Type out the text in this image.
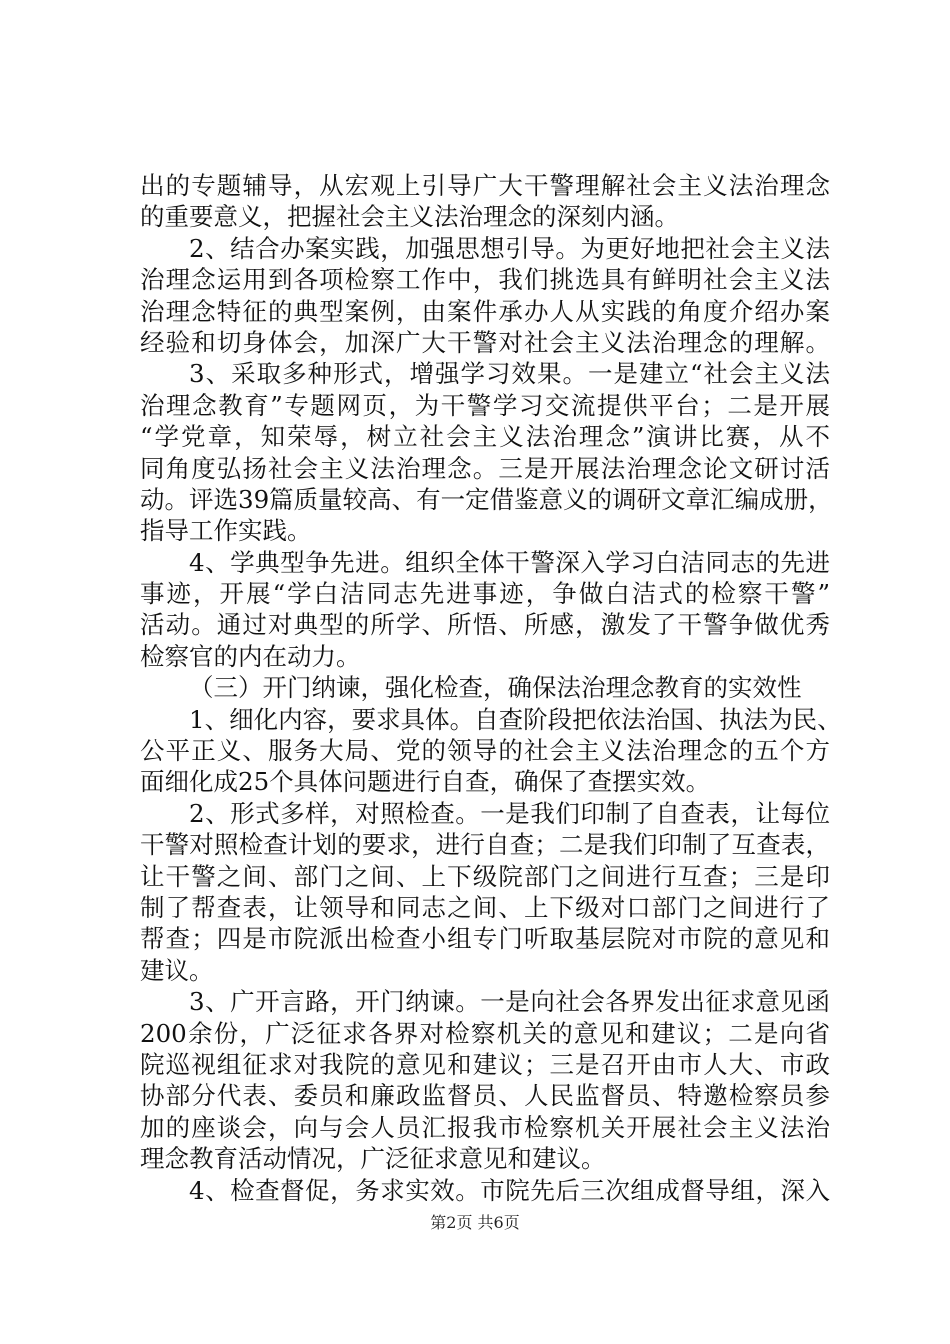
出的专题辅导，从宏观上引导广大干警理解社会主义法治理念
的重要意义，把握社会主义法治理念的深刻内涵。
2、结合办案实践，加强思想引导。为更好地把社会主义法
治理念运用到各项检察工作中，我们挑选具有鲜明社会主义法
治理念特征的典型案例，由案件承办人从实践的角度介绍办案
经验和切身体会，加深广大干警对社会主义法治理念的理解。
3、采取多种形式，增强学习效果。一是建立“社会主义法
治理念教育”专题网页，为干警学习交流提供平台；二是开展
“学党章，知荣辱，树立社会主义法治理念”演讲比赛，从不
同角度弘扬社会主义法治理念。三是开展法治理念论文研讨活
动。评选39篇质量较高、有一定借鉴意义的调研文章汇编成册，
指导工作实践。
4、学典型争先进。组织全体干警深入学习白洁同志的先进
事迹，开展“学白洁同志先进事迹，争做白洁式的检察干警”
活动。通过对典型的所学、所悟、所感，激发了干警争做优秀
检察官的内在动力。
（三）开门纳谏，强化检查，确保法治理念教育的实效性
1、细化内容，要求具体。自查阶段把依法治国、执法为民、
公平正义、服务大局、党的领导的社会主义法治理念的五个方
面细化成25个具体问题进行自查，确保了查摆实效。
2、形式多样，对照检查。一是我们印制了自查表，让每位
干警对照检查计划的要求，进行自查；二是我们印制了互查表，
让干警之间、部门之间、上下级院部门之间进行互查；三是印
制了帮查表，让领导和同志之间、上下级对口部门之间进行了
帮查；四是市院派出检查小组专门听取基层院对市院的意见和
建议。
3、广开言路，开门纳谏。一是向社会各界发出征求意见函
200余份，广泛征求各界对检察机关的意见和建议；二是向省
院巡视组征求对我院的意见和建议；三是召开由市人大、市政
协部分代表、委员和廉政监督员、人民监督员、特邀检察员参
加的座谈会，向与会人员汇报我市检察机关开展社会主义法治
理念教育活动情况，广泛征求意见和建议。
4、检查督促，务求实效。市院先后三次组成督导组，深入
第2页 共6页
